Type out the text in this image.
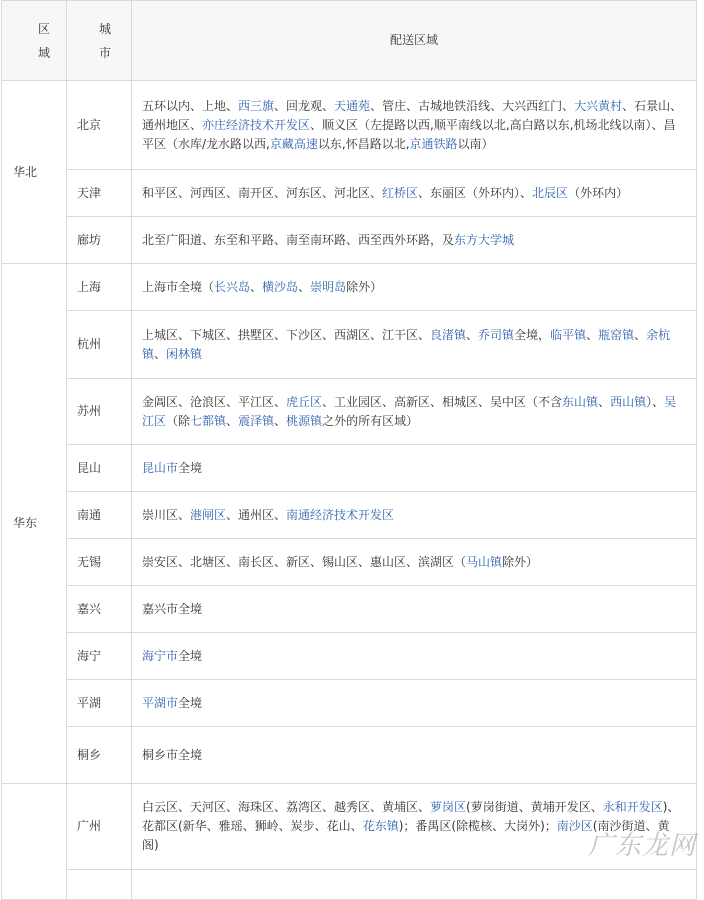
区域	城市	配送区域
华北	北京	五环以内、上地、西三旗、回龙观、天通苑、管庄、古城地铁沿线、大兴西红门、大兴黄村、石景山、通州地区、亦庄经济技术开发区、顺义区（左提路以西,顺平南线以北,高白路以东,机场北线以南）、昌平区（水库/龙水路以西,京藏高速以东,怀昌路以北,京通铁路以南）
	天津	和平区、河西区、南开区、河东区、河北区、红桥区、东丽区（外环内）、北辰区（外环内）
	廊坊	北至广阳道、东至和平路、南至南环路、西至西外环路，及东方大学城
华东	上海	上海市全境（长兴岛、横沙岛、崇明岛除外）
	杭州	上城区、下城区、拱墅区、下沙区、西湖区、江干区、良渚镇、乔司镇全境，临平镇、瓶窑镇、余杭镇、闲林镇
	苏州	金阊区、沧浪区、平江区、虎丘区、工业园区、高新区、相城区、吴中区（不含东山镇、西山镇）、吴江区（除七都镇、震泽镇、桃源镇之外的所有区域）
	昆山	昆山市全境
	南通	崇川区、港闸区、通州区、南通经济技术开发区
	无锡	崇安区、北塘区、南长区、新区、锡山区、惠山区、滨湖区（马山镇除外）
	嘉兴	嘉兴市全境
	海宁	海宁市全境
	平湖	平湖市全境
	桐乡	桐乡市全境
	广州	白云区、天河区、海珠区、荔湾区、越秀区、黄埔区、萝岗区(萝岗街道、黄埔开发区、永和开发区)、花都区(新华、雅瑶、狮岭、炭步、花山、花东镇)；番禺区(除榄核、大岗外)；南沙区(南沙街道、黄阁)
		广东龙网
